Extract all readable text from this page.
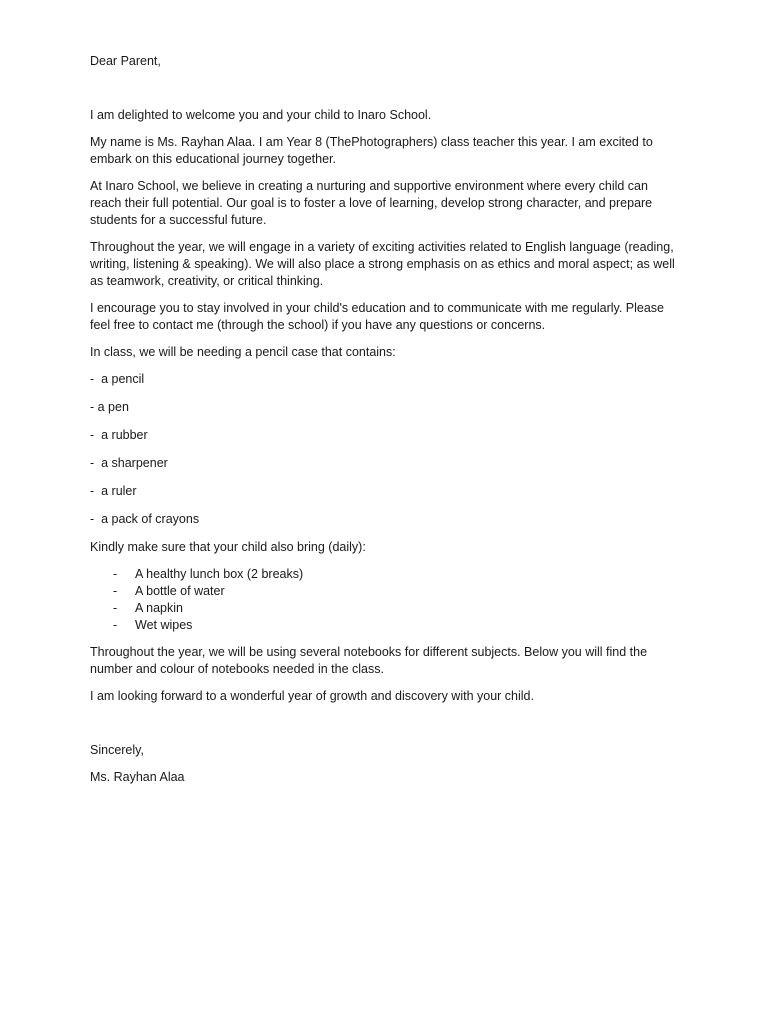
Dear Parent,

I am delighted to welcome you and your child to Inaro School.

My name is Ms. Rayhan Alaa. I am Year 8 (ThePhotographers) class teacher this year. I am excited to embark on this educational journey together.

At Inaro School, we believe in creating a nurturing and supportive environment where every child can reach their full potential. Our goal is to foster a love of learning, develop strong character, and prepare students for a successful future.

Throughout the year, we will engage in a variety of exciting activities related to English language (reading, writing, listening & speaking). We will also place a strong emphasis on as ethics and moral aspect; as well as teamwork, creativity, or critical thinking.

I encourage you to stay involved in your child's education and to communicate with me regularly. Please feel free to contact me (through the school) if you have any questions or concerns.

In class, we will be needing a pencil case that contains:

-  a pencil
- a pen
-  a rubber
-  a sharpener
-  a ruler
-  a pack of crayons

Kindly make sure that your child also bring (daily):

- A healthy lunch box (2 breaks)
- A bottle of water
- A napkin
- Wet wipes

Throughout the year, we will be using several notebooks for different subjects. Below you will find the number and colour of notebooks needed in the class.

I am looking forward to a wonderful year of growth and discovery with your child.

Sincerely,

Ms. Rayhan Alaa
